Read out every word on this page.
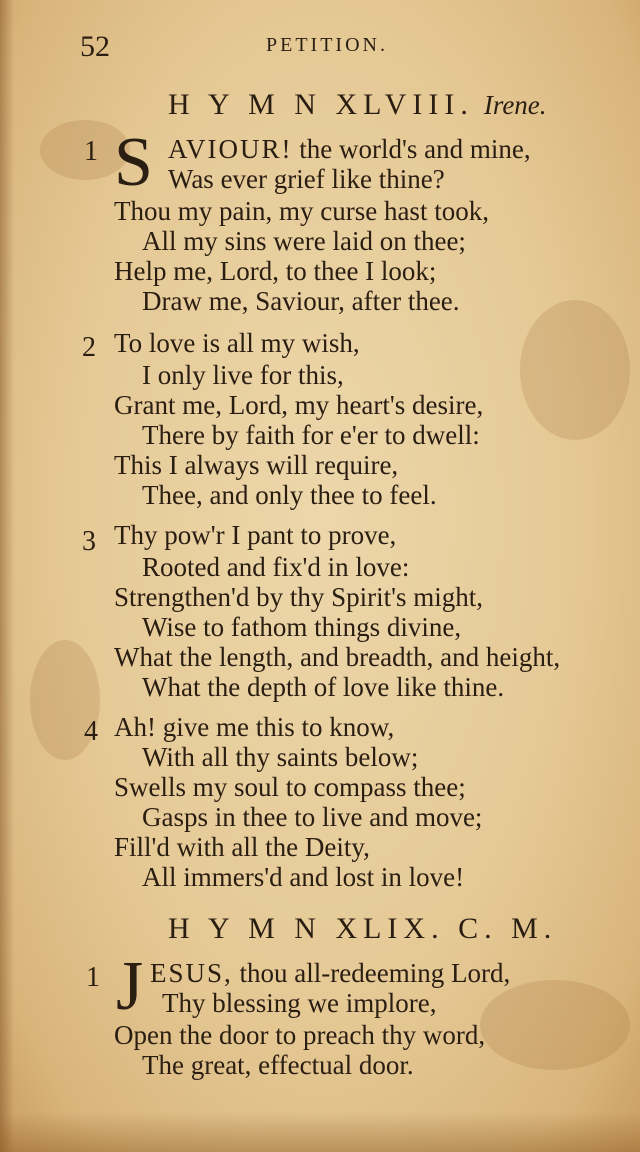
52	PETITION.
H Y M N XLVIII. Irene.
1 S AVIOUR! the world's and mine,
Was ever grief like thine?
Thou my pain, my curse hast took,
All my sins were laid on thee;
Help me, Lord, to thee I look;
Draw me, Saviour, after thee.
2 To love is all my wish,
I only live for this,
Grant me, Lord, my heart's desire,
There by faith for e'er to dwell:
This I always will require,
Thee, and only thee to feel.
3 Thy pow'r I pant to prove,
Rooted and fix'd in love:
Strengthen'd by thy Spirit's might,
Wise to fathom things divine,
What the length, and breadth, and height,
What the depth of love like thine.
4 Ah! give me this to know,
With all thy saints below;
Swells my soul to compass thee;
Gasps in thee to live and move;
Fill'd with all the Deity,
All immers'd and lost in love!
H Y M N XLIX. C. M.
1 J ESUS, thou all-redeeming Lord,
Thy blessing we implore,
Open the door to preach thy word,
The great, effectual door.
